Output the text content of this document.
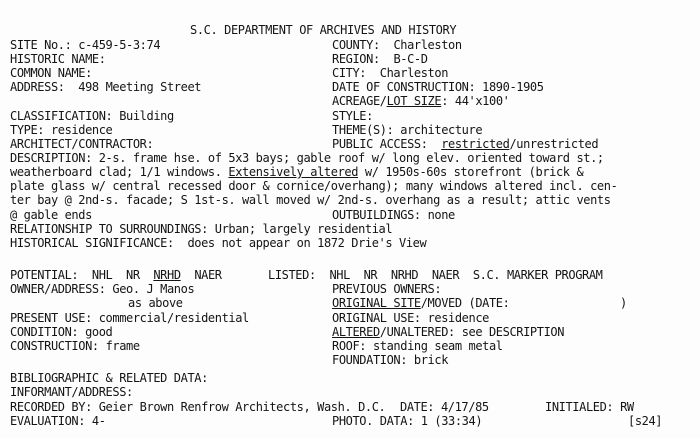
S.C. DEPARTMENT OF ARCHIVES AND HISTORY
SITE No.: c-459-5-3:74	COUNTY: Charleston
HISTORIC NAME:	REGION: B-C-D
COMMON NAME:	CITY: Charleston
ADDRESS: 498 Meeting Street	DATE OF CONSTRUCTION: 1890-1905
ACREAGE/LOT SIZE: 44'x100'
CLASSIFICATION: Building	STYLE:
TYPE: residence	THEME(S): architecture
ARCHITECT/CONTRACTOR:	PUBLIC ACCESS: restricted/unrestricted
DESCRIPTION: 2-s. frame hse. of 5x3 bays; gable roof w/ long elev. oriented toward st.;
weatherboard clad; 1/1 windows. Extensively altered w/ 1950s-60s storefront (brick &
plate glass w/ central recessed door & cornice/overhang); many windows altered incl. cen-
ter bay @ 2nd-s. facade; S 1st-s. wall moved w/ 2nd-s. overhang as a result; attic vents
@ gable ends	OUTBUILDINGS: none
RELATIONSHIP TO SURROUNDINGS: Urban; largely residential
HISTORICAL SIGNIFICANCE: does not appear on 1872 Drie's View
POTENTIAL: NHL NR NRHD NAER	LISTED: NHL NR NRHD NAER S.C. MARKER PROGRAM
OWNER/ADDRESS: Geo. J Manos	PREVIOUS OWNERS:
as above	ORIGINAL SITE/MOVED (DATE:	)
PRESENT USE: commercial/residential	ORIGINAL USE: residence
CONDITION: good	ALTERED/UNALTERED: see DESCRIPTION
CONSTRUCTION: frame	ROOF: standing seam metal
FOUNDATION: brick
BIBLIOGRAPHIC & RELATED DATA:
INFORMANT/ADDRESS:
RECORDED BY: Geier Brown Renfrow Architects, Wash. D.C. DATE: 4/17/85	INITIALED: RW
EVALUATION: 4-	PHOTO. DATA: 1 (33:34)	[s24]
